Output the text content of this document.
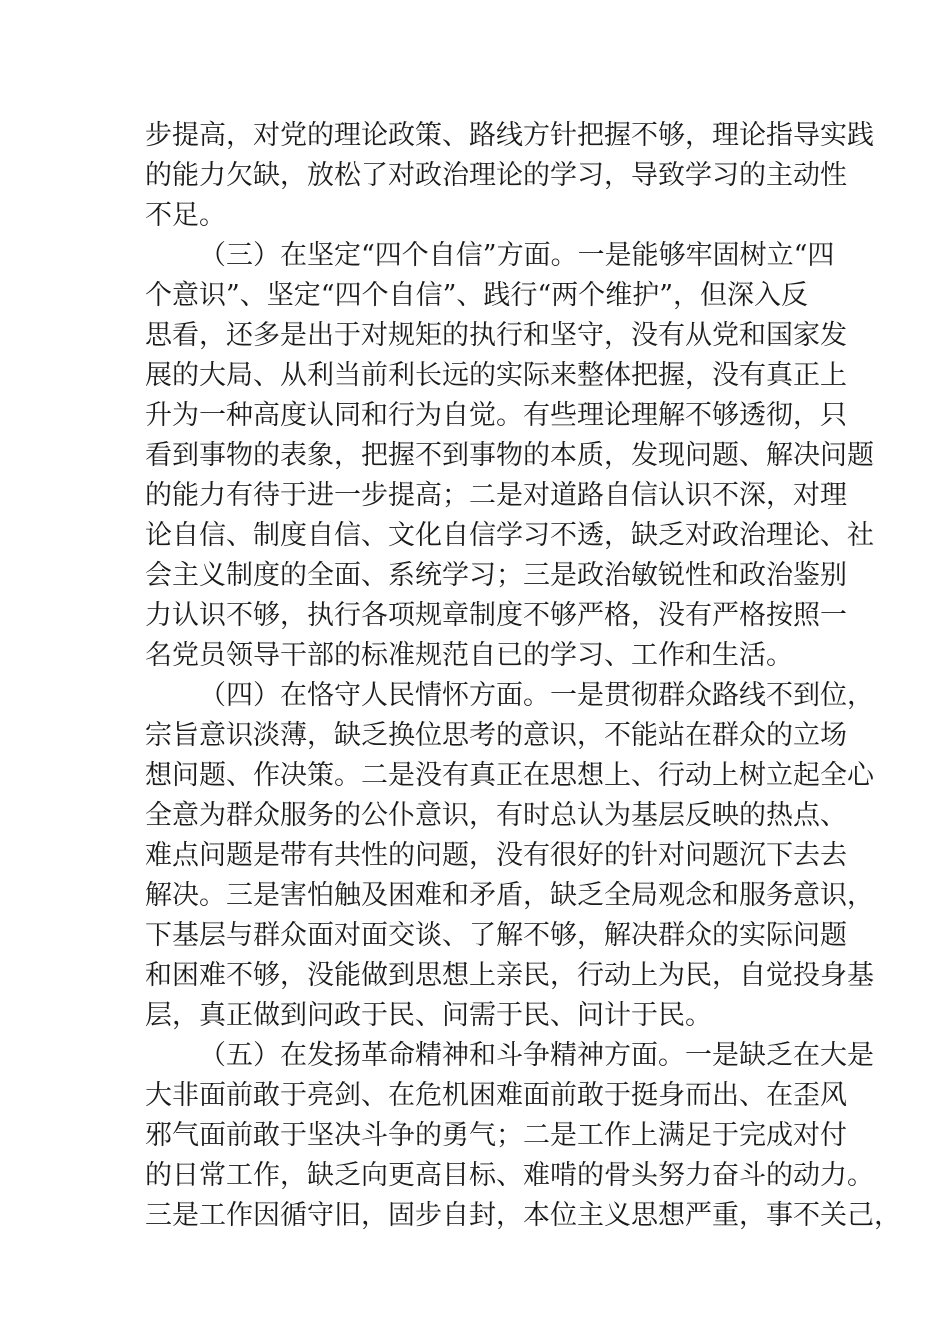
步提高，对党的理论政策、路线方针把握不够，理论指导实践
的能力欠缺，放松了对政治理论的学习，导致学习的主动性
不足。
（三）在坚定“四个自信”方面。一是能够牢固树立“四
个意识”、坚定“四个自信”、践行“两个维护”，但深入反
思看，还多是出于对规矩的执行和坚守，没有从党和国家发
展的大局、从利当前利长远的实际来整体把握，没有真正上
升为一种高度认同和行为自觉。有些理论理解不够透彻，只
看到事物的表象，把握不到事物的本质，发现问题、解决问题
的能力有待于进一步提高；二是对道路自信认识不深，对理
论自信、制度自信、文化自信学习不透，缺乏对政治理论、社
会主义制度的全面、系统学习；三是政治敏锐性和政治鉴别
力认识不够，执行各项规章制度不够严格，没有严格按照一
名党员领导干部的标准规范自已的学习、工作和生活。
（四）在恪守人民情怀方面。一是贯彻群众路线不到位，
宗旨意识淡薄，缺乏换位思考的意识，不能站在群众的立场
想问题、作决策。二是没有真正在思想上、行动上树立起全心
全意为群众服务的公仆意识，有时总认为基层反映的热点、
难点问题是带有共性的问题，没有很好的针对问题沉下去去
解决。三是害怕触及困难和矛盾，缺乏全局观念和服务意识，
下基层与群众面对面交谈、了解不够，解决群众的实际问题
和困难不够，没能做到思想上亲民，行动上为民，自觉投身基
层，真正做到问政于民、问需于民、问计于民。
（五）在发扬革命精神和斗争精神方面。一是缺乏在大是
大非面前敢于亮剑、在危机困难面前敢于挺身而出、在歪风
邪气面前敢于坚决斗争的勇气；二是工作上满足于完成对付
的日常工作，缺乏向更高目标、难啃的骨头努力奋斗的动力。
三是工作因循守旧，固步自封，本位主义思想严重，事不关己，
